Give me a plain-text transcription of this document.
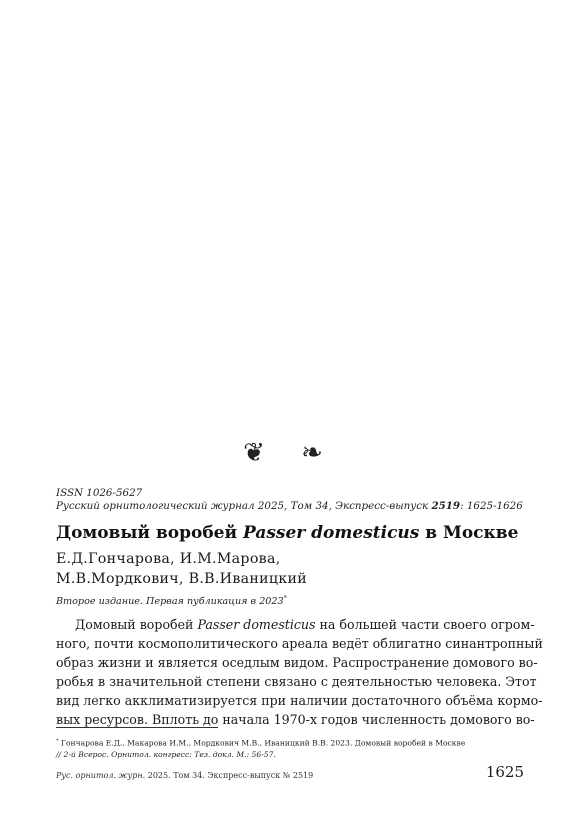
❦ ❧
ISSN 1026-5627
Русский орнитологический журнал 2025, Том 34, Экспресс-выпуск 2519: 1625-1626
Домовый воробей Passer domesticus в Москве
Е.Д.Гончарова, И.М.Марова,
М.В.Мордкович, В.В.Иваницкий
Второе издание. Первая публикация в 2023*
Домовый воробей Passer domesticus на большей части своего огром-
ного, почти космополитического ареала ведёт облигатно синантропный
образ жизни и является оседлым видом. Распространение домового во-
робья в значительной степени связано с деятельностью человека. Этот
вид легко акклиматизируется при наличии достаточного объёма кормо-
вых ресурсов. Вплоть до начала 1970-х годов численность домового во-
* Гончарова Е.Д., Макарова И.М., Мордкович М.В., Иваницкий В.В. 2023. Домовый воробей в Москве
// 2-й Всерос. Орнитол. конгресс: Тез. докл. М.: 56-57.
Рус. орнитол. журн. 2025. Том 34. Экспресс-выпуск № 2519	1625
